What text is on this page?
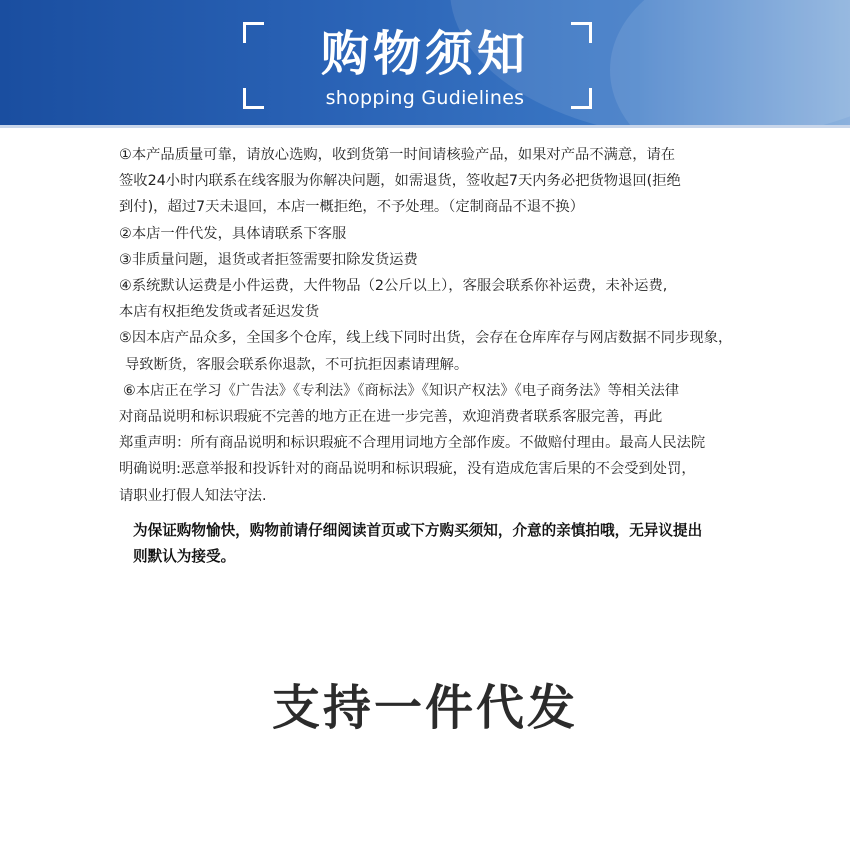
购物须知
shopping Gudielines

①本产品质量可靠，请放心选购，收到货第一时间请核验产品，如果对产品不满意，请在

签收24小时内联系在线客服为你解决问题，如需退货，签收起7天内务必把货物退回(拒绝

到付)，超过7天未退回，本店一概拒绝，不予处理。（定制商品不退不换）

②本店一件代发，具体请联系下客服

③非质量问题，退货或者拒签需要扣除发货运费

④系统默认运费是小件运费，大件物品（2公斤以上），客服会联系你补运费，未补运费,

本店有权拒绝发货或者延迟发货

⑤因本店产品众多，全国多个仓库，线上线下同时出货，会存在仓库库存与网店数据不同步现象，

导致断货，客服会联系你退款，不可抗拒因素请理解。

⑥本店正在学习《广告法》《专利法》《商标法》《知识产权法》《电子商务法》等相关法律

对商品说明和标识瑕疵不完善的地方正在进一步完善，欢迎消费者联系客服完善，再此

郑重声明：所有商品说明和标识瑕疵不合理用词地方全部作废。不做赔付理由。最高人民法院

明确说明:恶意举报和投诉针对的商品说明和标识瑕疵，没有造成危害后果的不会受到处罚，

请职业打假人知法守法.

为保证购物愉快，购物前请仔细阅读首页或下方购买须知，介意的亲慎拍哦，无异议提出

则默认为接受。

支持一件代发
